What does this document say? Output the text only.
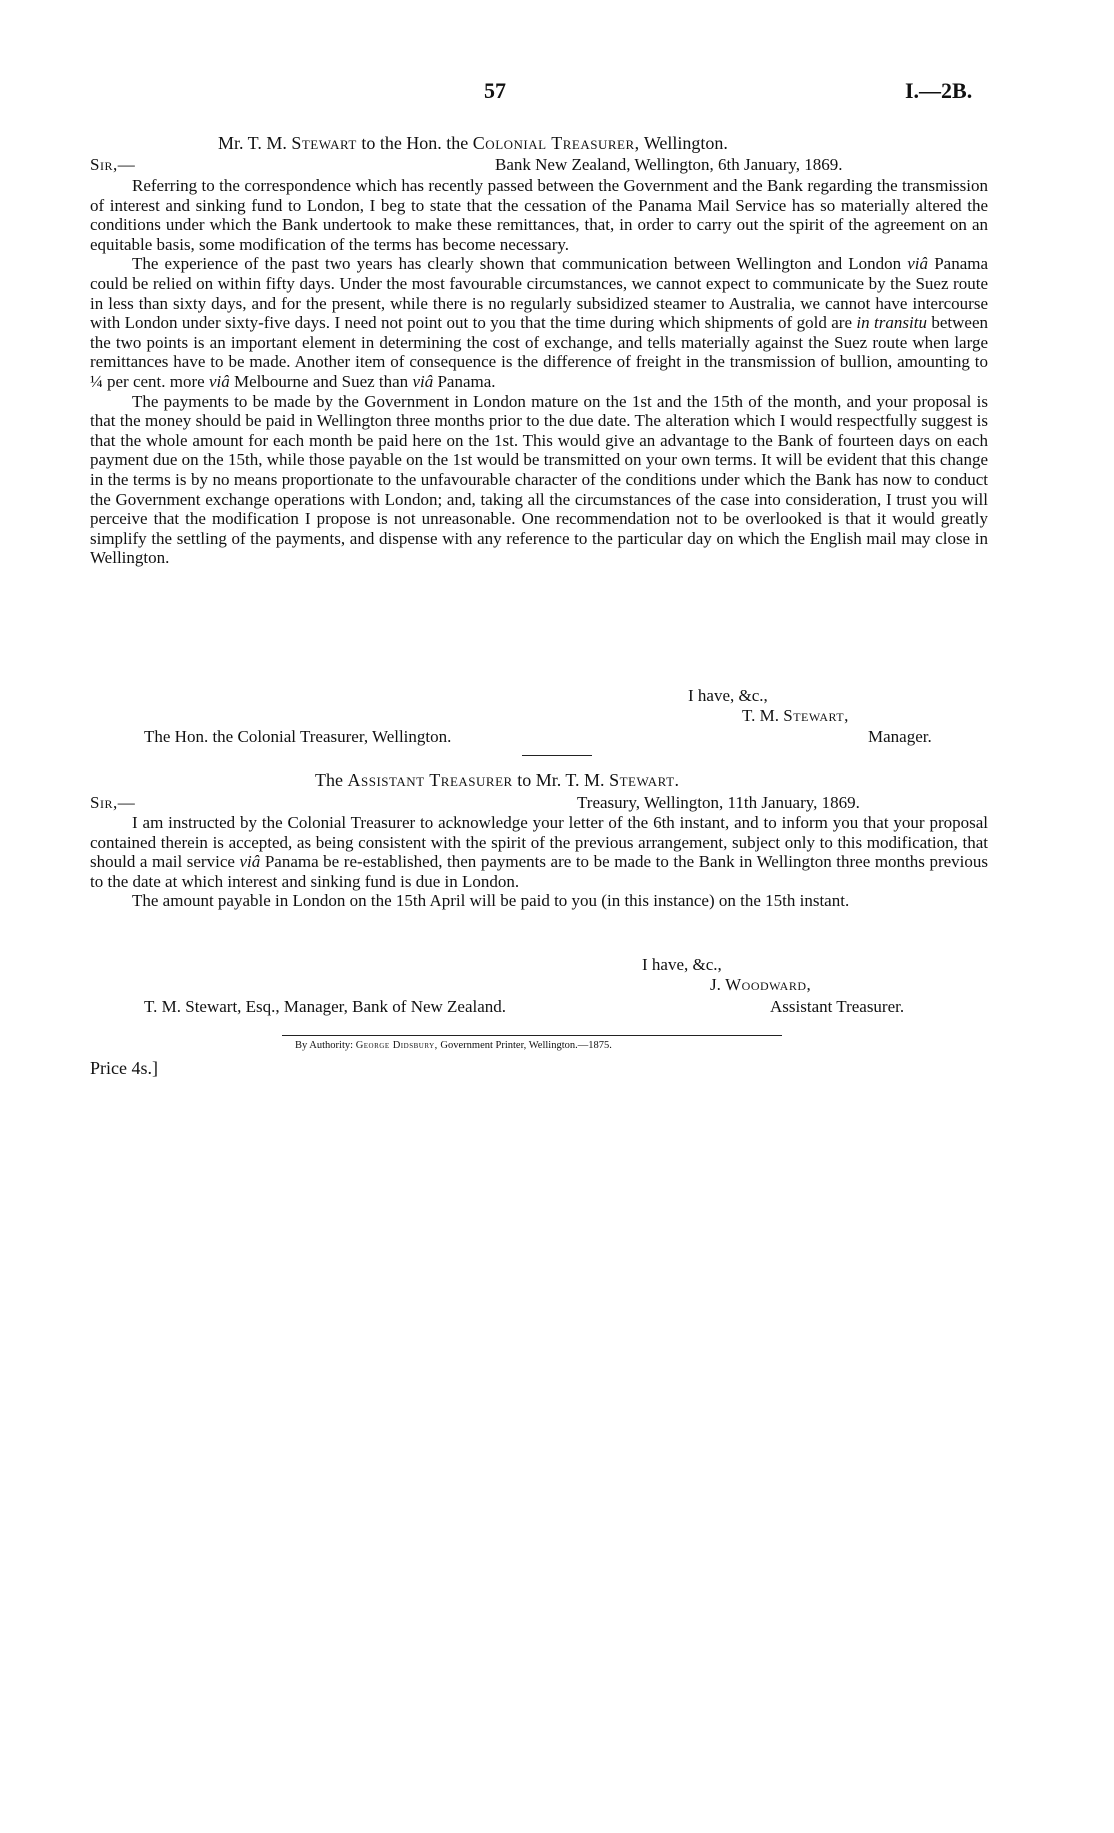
57	I.—2B.
Mr. T. M. Stewart to the Hon. the Colonial Treasurer, Wellington.
Sir,—	Bank New Zealand, Wellington, 6th January, 1869.

Referring to the correspondence which has recently passed between the Government and the Bank regarding the transmission of interest and sinking fund to London, I beg to state that the cessation of the Panama Mail Service has so materially altered the conditions under which the Bank undertook to make these remittances, that, in order to carry out the spirit of the agreement on an equitable basis, some modification of the terms has become necessary.

The experience of the past two years has clearly shown that communication between Wellington and London viâ Panama could be relied on within fifty days. Under the most favourable circumstances, we cannot expect to communicate by the Suez route in less than sixty days, and for the present, while there is no regularly subsidized steamer to Australia, we cannot have intercourse with London under sixty-five days. I need not point out to you that the time during which shipments of gold are in transitu between the two points is an important element in determining the cost of exchange, and tells materially against the Suez route when large remittances have to be made. Another item of consequence is the difference of freight in the transmission of bullion, amounting to ¼ per cent. more viâ Melbourne and Suez than viâ Panama.

The payments to be made by the Government in London mature on the 1st and the 15th of the month, and your proposal is that the money should be paid in Wellington three months prior to the due date. The alteration which I would respectfully suggest is that the whole amount for each month be paid here on the 1st. This would give an advantage to the Bank of fourteen days on each payment due on the 15th, while those payable on the 1st would be transmitted on your own terms. It will be evident that this change in the terms is by no means proportionate to the unfavourable character of the conditions under which the Bank has now to conduct the Government exchange operations with London; and, taking all the circumstances of the case into consideration, I trust you will perceive that the modification I propose is not unreasonable. One recommendation not to be overlooked is that it would greatly simplify the settling of the payments, and dispense with any reference to the particular day on which the English mail may close in Wellington.

I have, &c.,
T. M. Stewart,
The Hon. the Colonial Treasurer, Wellington.	Manager.
The Assistant Treasurer to Mr. T. M. Stewart.
Sir,—	Treasury, Wellington, 11th January, 1869.

I am instructed by the Colonial Treasurer to acknowledge your letter of the 6th instant, and to inform you that your proposal contained therein is accepted, as being consistent with the spirit of the previous arrangement, subject only to this modification, that should a mail service viâ Panama be re-established, then payments are to be made to the Bank in Wellington three months previous to the date at which interest and sinking fund is due in London.

The amount payable in London on the 15th April will be paid to you (in this instance) on the 15th instant.

I have, &c.,
J. Woodward,
T. M. Stewart, Esq., Manager, Bank of New Zealand.	Assistant Treasurer.
By Authority: George Didsbury, Government Printer, Wellington.—1875.
Price 4s.]
